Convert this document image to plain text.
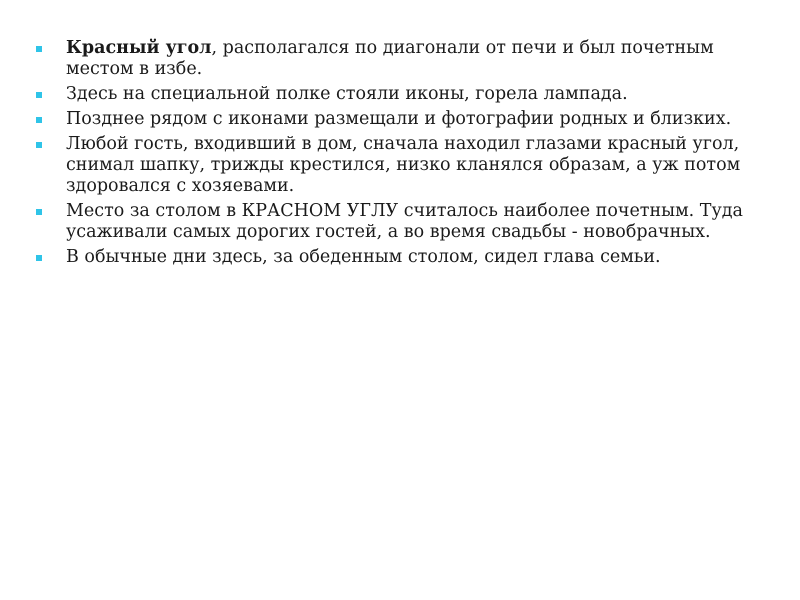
Красный угол, располагался по диагонали от печи и был почетным местом в избе.
Здесь на специальной полке стояли иконы, горела лампада.
Позднее рядом с иконами размещали и фотографии родных и близких.
Любой гость, входивший в дом, сначала находил глазами красный угол, снимал шапку, трижды крестился, низко кланялся образам, а уж потом здоровался с хозяевами.
Место за столом в КРАСНОМ УГЛУ считалось наиболее почетным. Туда усаживали самых дорогих гостей, а во время свадьбы - новобрачных.
В обычные дни здесь, за обеденным столом, сидел глава семьи.
